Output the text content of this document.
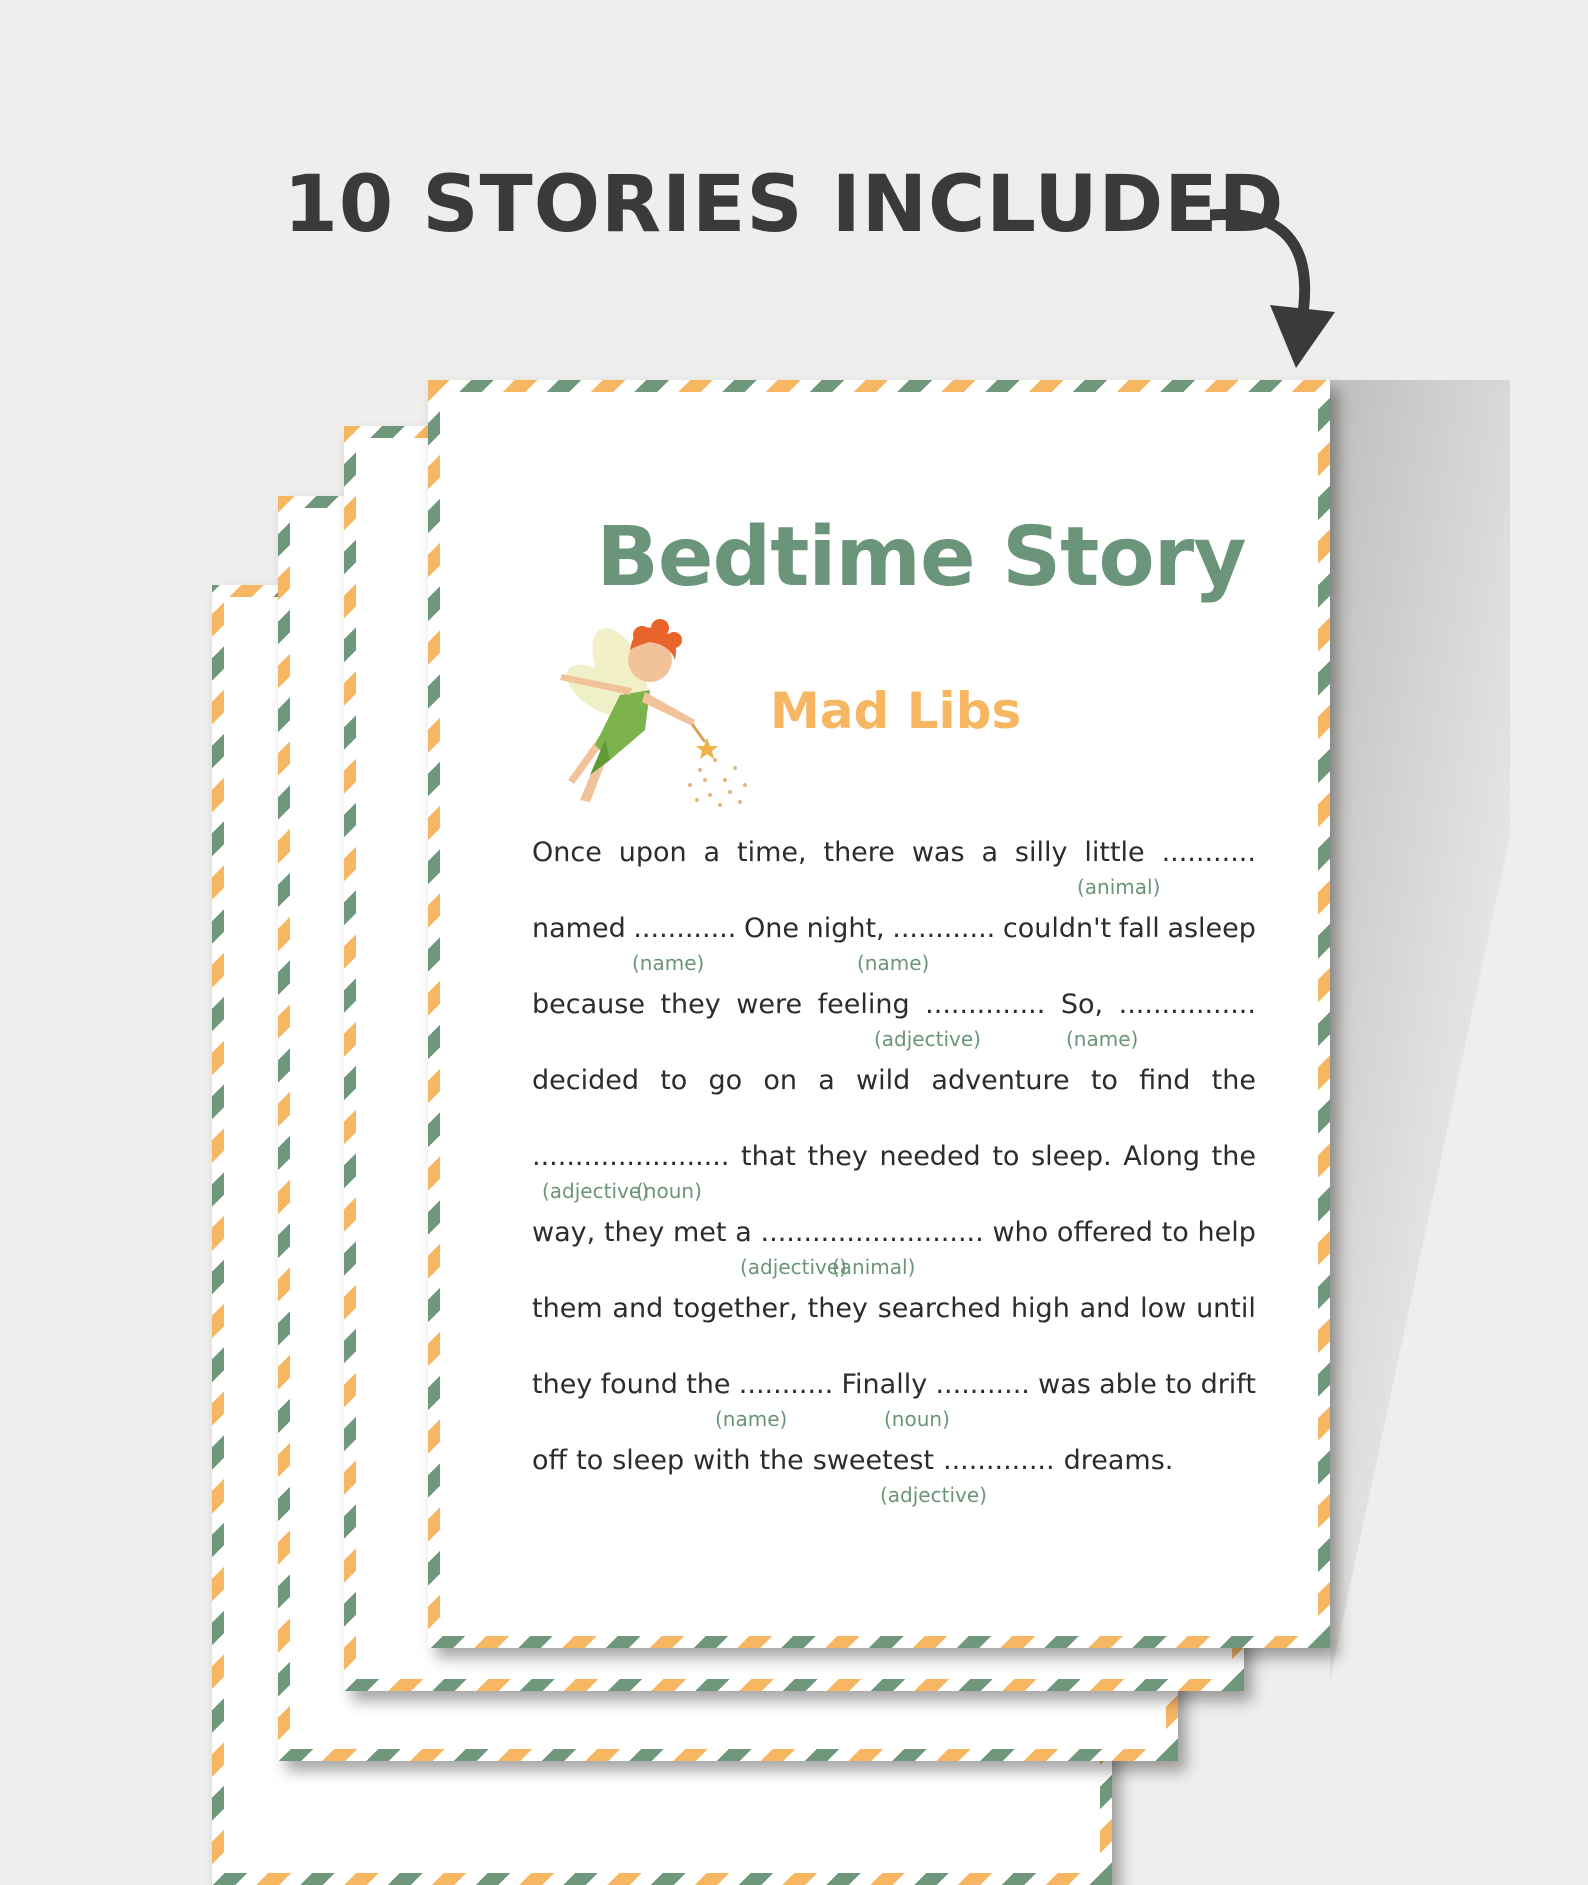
10 STORIES INCLUDED
Bedtime Story
Mad Libs
Once upon a time, there was a silly little ...........
(animal)
named ............ One night, ............ couldn't fall asleep
(name)	(name)
because they were feeling .............. So, ................
(adjective)	(name)
decided to go on a wild adventure to find the
....................... that they needed to sleep. Along the
(adjective)
(noun)
way, they met a .......................... who offered to help
(adjective)
(animal)
them and together, they searched high and low until
they found the ........... Finally ........... was able to drift
(name)	(noun)
off to sleep with the sweetest ............. dreams.
(adjective)
